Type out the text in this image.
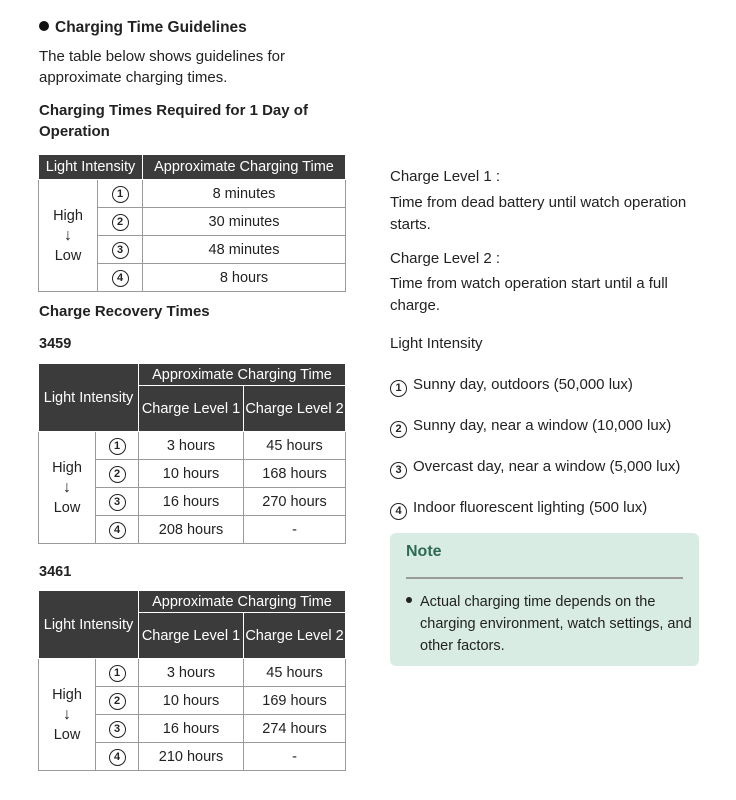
Charging Time Guidelines
The table below shows guidelines for approximate charging times.
Charging Times Required for 1 Day of Operation
Light Intensity		Approximate Charging Time
High
↓
Low	1	8 minutes
	2	30 minutes
	3	48 minutes
	4	8 hours
Charge Recovery Times
3459
Light Intensity		Approximate Charging Time	
		Charge Level 1	Charge Level 2
High
↓
Low	1	3 hours	45 hours
	2	10 hours	168 hours
	3	16 hours	270 hours
	4	208 hours	-
3461
Light Intensity		Approximate Charging Time	
		Charge Level 1	Charge Level 2
High
↓
Low	1	3 hours	45 hours
	2	10 hours	169 hours
	3	16 hours	274 hours
	4	210 hours	-
Charge Level 1 :
Time from dead battery until watch operation starts.
Charge Level 2 :
Time from watch operation start until a full charge.
Light Intensity
1 Sunny day, outdoors (50,000 lux)
2 Sunny day, near a window (10,000 lux)
3 Overcast day, near a window (5,000 lux)
4 Indoor fluorescent lighting (500 lux)
Note
Actual charging time depends on the charging environment, watch settings, and other factors.
